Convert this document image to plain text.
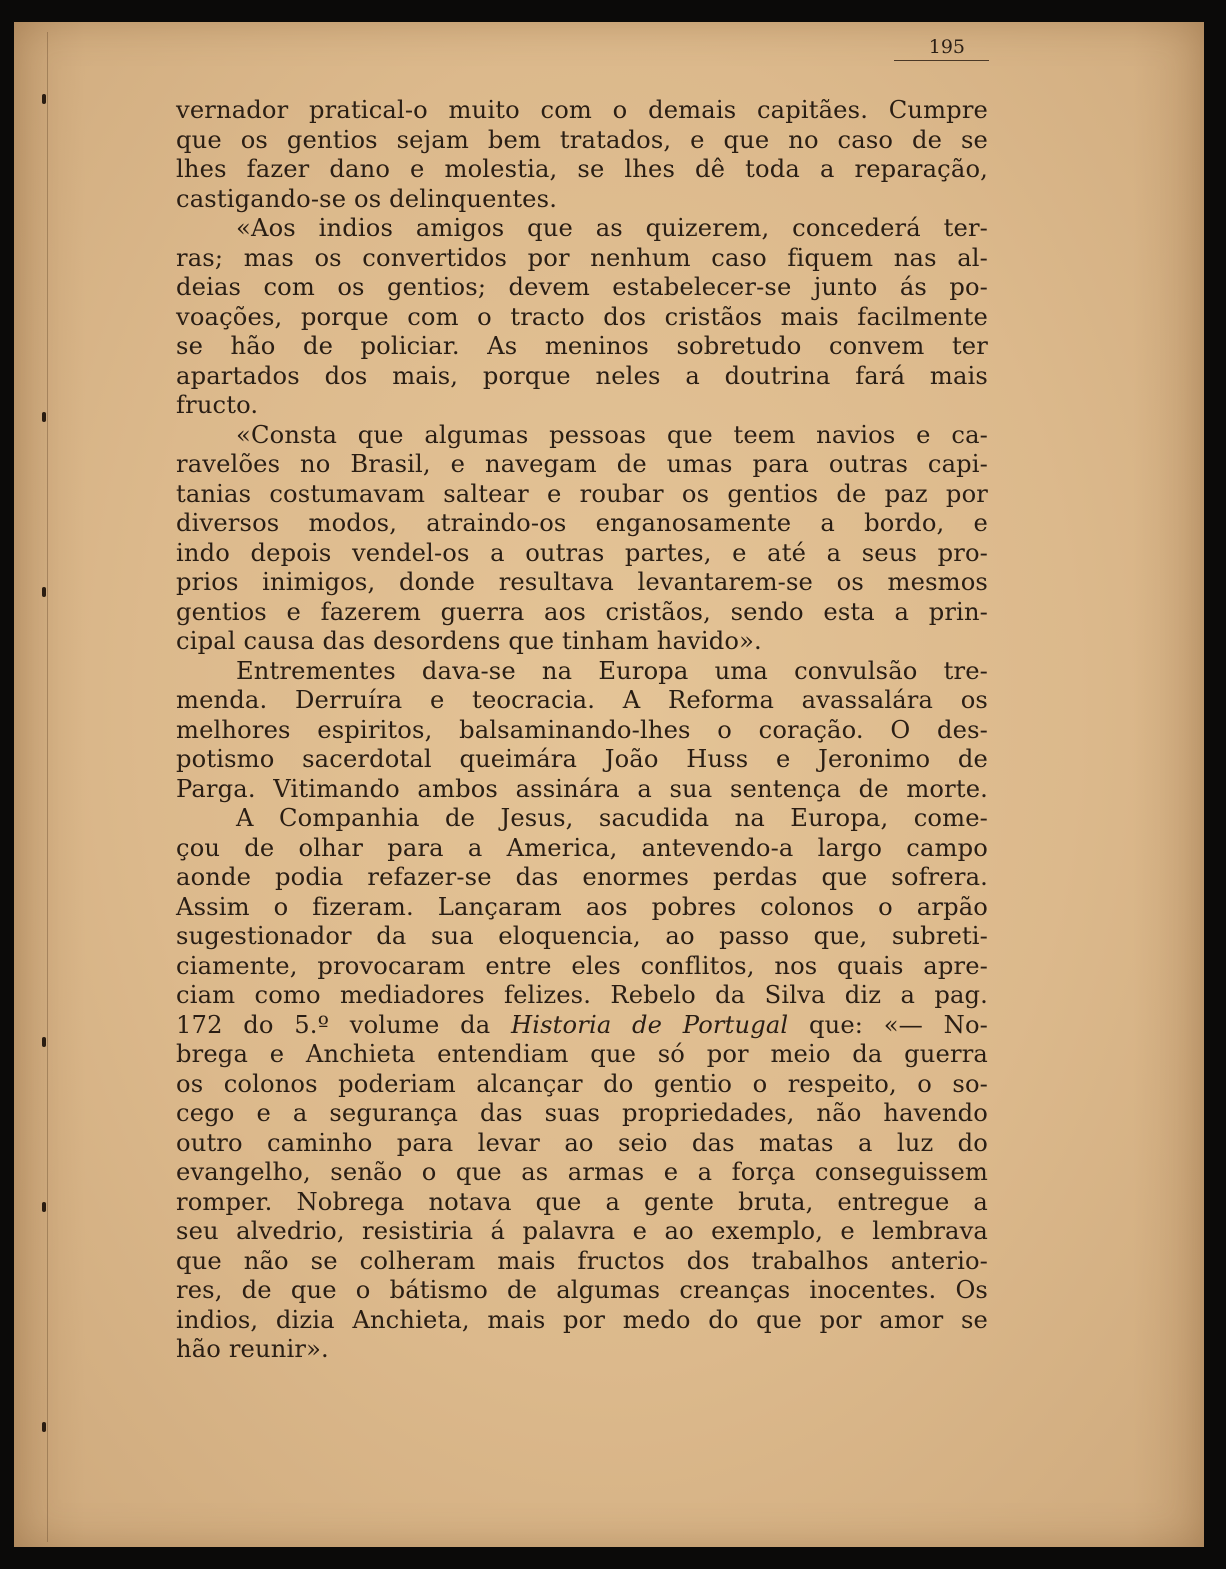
195
vernador pratical-o muito com o demais capitães. Cumpre
que os gentios sejam bem tratados, e que no caso de se
lhes fazer dano e molestia, se lhes dê toda a reparação,
castigando-se os delinquentes.
«Aos indios amigos que as quizerem, concederá ter-
ras; mas os convertidos por nenhum caso fiquem nas al-
deias com os gentios; devem estabelecer-se junto ás po-
voações, porque com o tracto dos cristãos mais facilmente
se hão de policiar. As meninos sobretudo convem ter
apartados dos mais, porque neles a doutrina fará mais
fructo.
«Consta que algumas pessoas que teem navios e ca-
ravelões no Brasil, e navegam de umas para outras capi-
tanias costumavam saltear e roubar os gentios de paz por
diversos modos, atraindo-os enganosamente a bordo, e
indo depois vendel-os a outras partes, e até a seus pro-
prios inimigos, donde resultava levantarem-se os mesmos
gentios e fazerem guerra aos cristãos, sendo esta a prin-
cipal causa das desordens que tinham havido».
Entrementes dava-se na Europa uma convulsão tre-
menda. Derruíra e teocracia. A Reforma avassalára os
melhores espiritos, balsaminando-lhes o coração. O des-
potismo sacerdotal queimára João Huss e Jeronimo de
Parga. Vitimando ambos assinára a sua sentença de morte.
A Companhia de Jesus, sacudida na Europa, come-
çou de olhar para a America, antevendo-a largo campo
aonde podia refazer-se das enormes perdas que sofrera.
Assim o fizeram. Lançaram aos pobres colonos o arpão
sugestionador da sua eloquencia, ao passo que, subreti-
ciamente, provocaram entre eles conflitos, nos quais apre-
ciam como mediadores felizes. Rebelo da Silva diz a pag.
172 do 5.º volume da Historia de Portugal que: «— No-
brega e Anchieta entendiam que só por meio da guerra
os colonos poderiam alcançar do gentio o respeito, o so-
cego e a segurança das suas propriedades, não havendo
outro caminho para levar ao seio das matas a luz do
evangelho, senão o que as armas e a força conseguissem
romper. Nobrega notava que a gente bruta, entregue a
seu alvedrio, resistiria á palavra e ao exemplo, e lembrava
que não se colheram mais fructos dos trabalhos anterio-
res, de que o bátismo de algumas creanças inocentes. Os
indios, dizia Anchieta, mais por medo do que por amor se
hão reunir».
